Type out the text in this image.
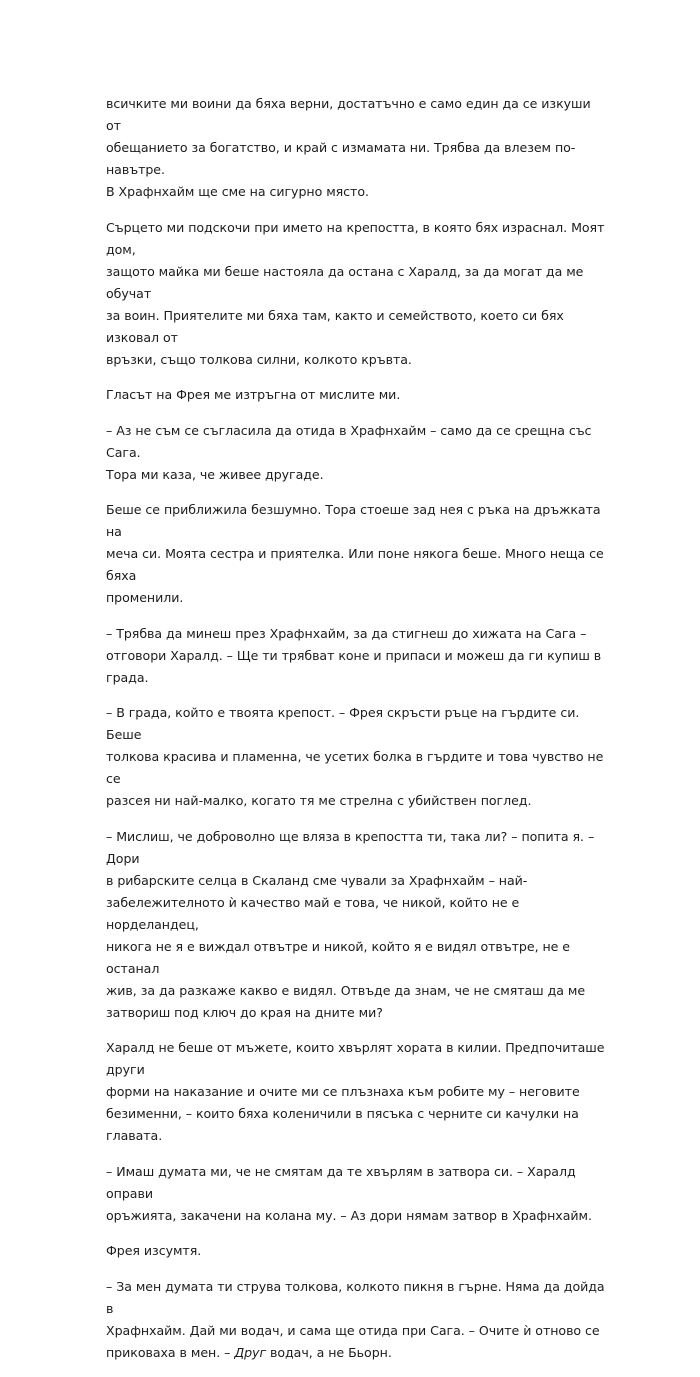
всичките ми воини да бяха верни, достатъчно е само един да се изкуши от
обещанието за богатство, и край с измамата ни. Трябва да влезем по-навътре.
В Храфнхайм ще сме на сигурно място.

Сърцето ми подскочи при името на крепостта, в която бях израснал. Моят дом,
защото майка ми беше настояла да остана с Харалд, за да могат да ме обучат
за воин. Приятелите ми бяха там, както и семейството, което си бях изковал от
връзки, също толкова силни, колкото кръвта.

Гласът на Фрея ме изтръгна от мислите ми.

– Аз не съм се съгласила да отида в Храфнхайм – само да се срещна със Сага.
Тора ми каза, че живее другаде.

Беше се приближила безшумно. Тора стоеше зад нея с ръка на дръжката на
меча си. Моята сестра и приятелка. Или поне някога беше. Много неща се бяха
променили.

– Трябва да минеш през Храфнхайм, за да стигнеш до хижата на Сага –
отговори Харалд. – Ще ти трябват коне и припаси и можеш да ги купиш в
града.

– В града, който е твоята крепост. – Фрея скръсти ръце на гърдите си. Беше
толкова красива и пламенна, че усетих болка в гърдите и това чувство не се
разсея ни най-малко, когато тя ме стрелна с убийствен поглед.

– Мислиш, че доброволно ще вляза в крепостта ти, така ли? – попита я. – Дори
в рибарските селца в Скаланд сме чували за Храфнхайм – най-
забележителното ѝ качество май е това, че никой, който не е норделандец,
никога не я е виждал отвътре и никой, който я е видял отвътре, не е останал
жив, за да разкаже какво е видял. Отвъде да знам, че не смяташ да ме
затвориш под ключ до края на дните ми?

Харалд не беше от мъжете, които хвърлят хората в килии. Предпочиташе други
форми на наказание и очите ми се плъзнаха към робите му – неговите
безименни, – които бяха коленичили в пясъка с черните си качулки на главата.

– Имаш думата ми, че не смятам да те хвърлям в затвора си. – Харалд оправи
оръжията, закачени на колана му. – Аз дори нямам затвор в Храфнхайм.

Фрея изсумтя.

– За мен думата ти струва толкова, колкото пикня в гърне. Няма да дойда в
Храфнхайм. Дай ми водач, и сама ще отида при Сага. – Очите ѝ отново се
приковаха в мен. – Друг водач, а не Бьорн.
